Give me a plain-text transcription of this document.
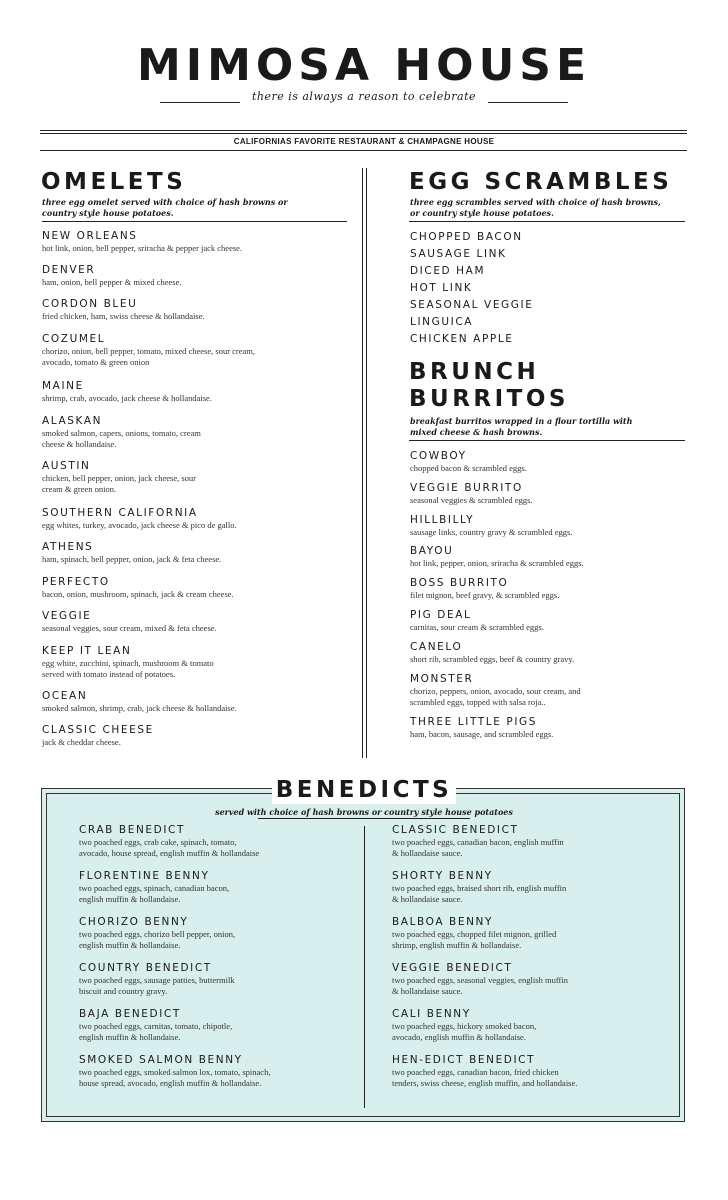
MIMOSA HOUSE
there is always a reason to celebrate
CALIFORNIAS FAVORITE RESTAURANT & CHAMPAGNE HOUSE
OMELETS
three egg omelet served with choice of hash browns or
country style house potatoes.
NEW ORLEANS
hot link, onion, bell pepper, sriracha & pepper jack cheese.
DENVER
ham, onion, bell pepper & mixed cheese.
CORDON BLEU
fried chicken, ham, swiss cheese & hollandaise.
COZUMEL
chorizo, onion, bell pepper, tomato, mixed cheese, sour cream,
avocado, tomato & green onion
MAINE
shrimp, crab, avocado, jack cheese & hollandaise.
ALASKAN
smoked salmon, capers, onions, tomato, cream
cheese & hollandaise.
AUSTIN
chicken, bell pepper, onion, jack cheese, sour
cream & green onion.
SOUTHERN CALIFORNIA
egg whites, turkey, avocado, jack cheese & pico de gallo.
ATHENS
ham, spinach, bell pepper, onion, jack & feta cheese.
PERFECTO
bacon, onion, mushroom, spinach, jack & cream cheese.
VEGGIE
seasonal veggies, sour cream, mixed & feta cheese.
KEEP IT LEAN
egg white, zucchini, spinach, mushroom & tomato
served with tomato instead of potatoes.
OCEAN
smoked salmon, shrimp, crab, jack cheese & hollandaise.
CLASSIC CHEESE
jack & cheddar cheese.
EGG SCRAMBLES
three egg scrambles served with choice of hash browns,
or country style house potatoes.
CHOPPED BACON
SAUSAGE LINK
DICED HAM
HOT LINK
SEASONAL VEGGIE
LINGUICA
CHICKEN APPLE
BRUNCH
BURRITOS
breakfast burritos wrapped in a flour tortilla with
mixed cheese & hash browns.
COWBOY
chopped bacon & scrambled eggs.
VEGGIE BURRITO
seasonal veggies & scrambled eggs.
HILLBILLY
sausage links, country gravy & scrambled eggs.
BAYOU
hot link, pepper, onion, sriracha & scrambled eggs.
BOSS BURRITO
filet mignon, beef gravy, & scrambled eggs.
PIG DEAL
carnitas, sour cream & scrambled eggs.
CANELO
short rib, scrambled eggs, beef & country gravy.
MONSTER
chorizo, peppers, onion, avocado, sour cream, and
scrambled eggs, topped with salsa roja..
THREE LITTLE PIGS
ham, bacon, sausage, and scrambled eggs.
BENEDICTS
served with choice of hash browns or country style house potatoes
CRAB BENEDICT
two poached eggs, crab cake, spinach, tomato,
avocado, house spread, english muffin & hollandaise
FLORENTINE BENNY
two poached eggs, spinach, canadian bacon,
english muffin & hollandaise.
CHORIZO BENNY
two poached eggs, chorizo bell pepper, onion,
english muffin & hollandaise.
COUNTRY BENEDICT
two poached eggs, sausage patties, buttermilk
biscuit and country gravy.
BAJA BENEDICT
two poached eggs, carnitas, tomato, chipotle,
english muffin & hollandaise.
SMOKED SALMON BENNY
two poached eggs, smoked salmon lox, tomato, spinach,
house spread, avocado, english muffin & hollandaise.
CLASSIC BENEDICT
two poached eggs, canadian bacon, english muffin
& hollandaise sauce.
SHORTY BENNY
two poached eggs, braised short rib, english muffin
& hollandaise sauce.
BALBOA BENNY
two poached eggs, chopped filet mignon, grilled
shrimp, english muffin & hollandaise.
VEGGIE BENEDICT
two poached eggs, seasonal veggies, english muffin
& hollandaise sauce.
CALI BENNY
two poached eggs, hickory smoked bacon,
avocado, english muffin & hollandaise.
HEN-EDICT BENEDICT
two poached eggs, canadian bacon, fried chicken
tenders, swiss cheese, english muffin, and hollandaise.
